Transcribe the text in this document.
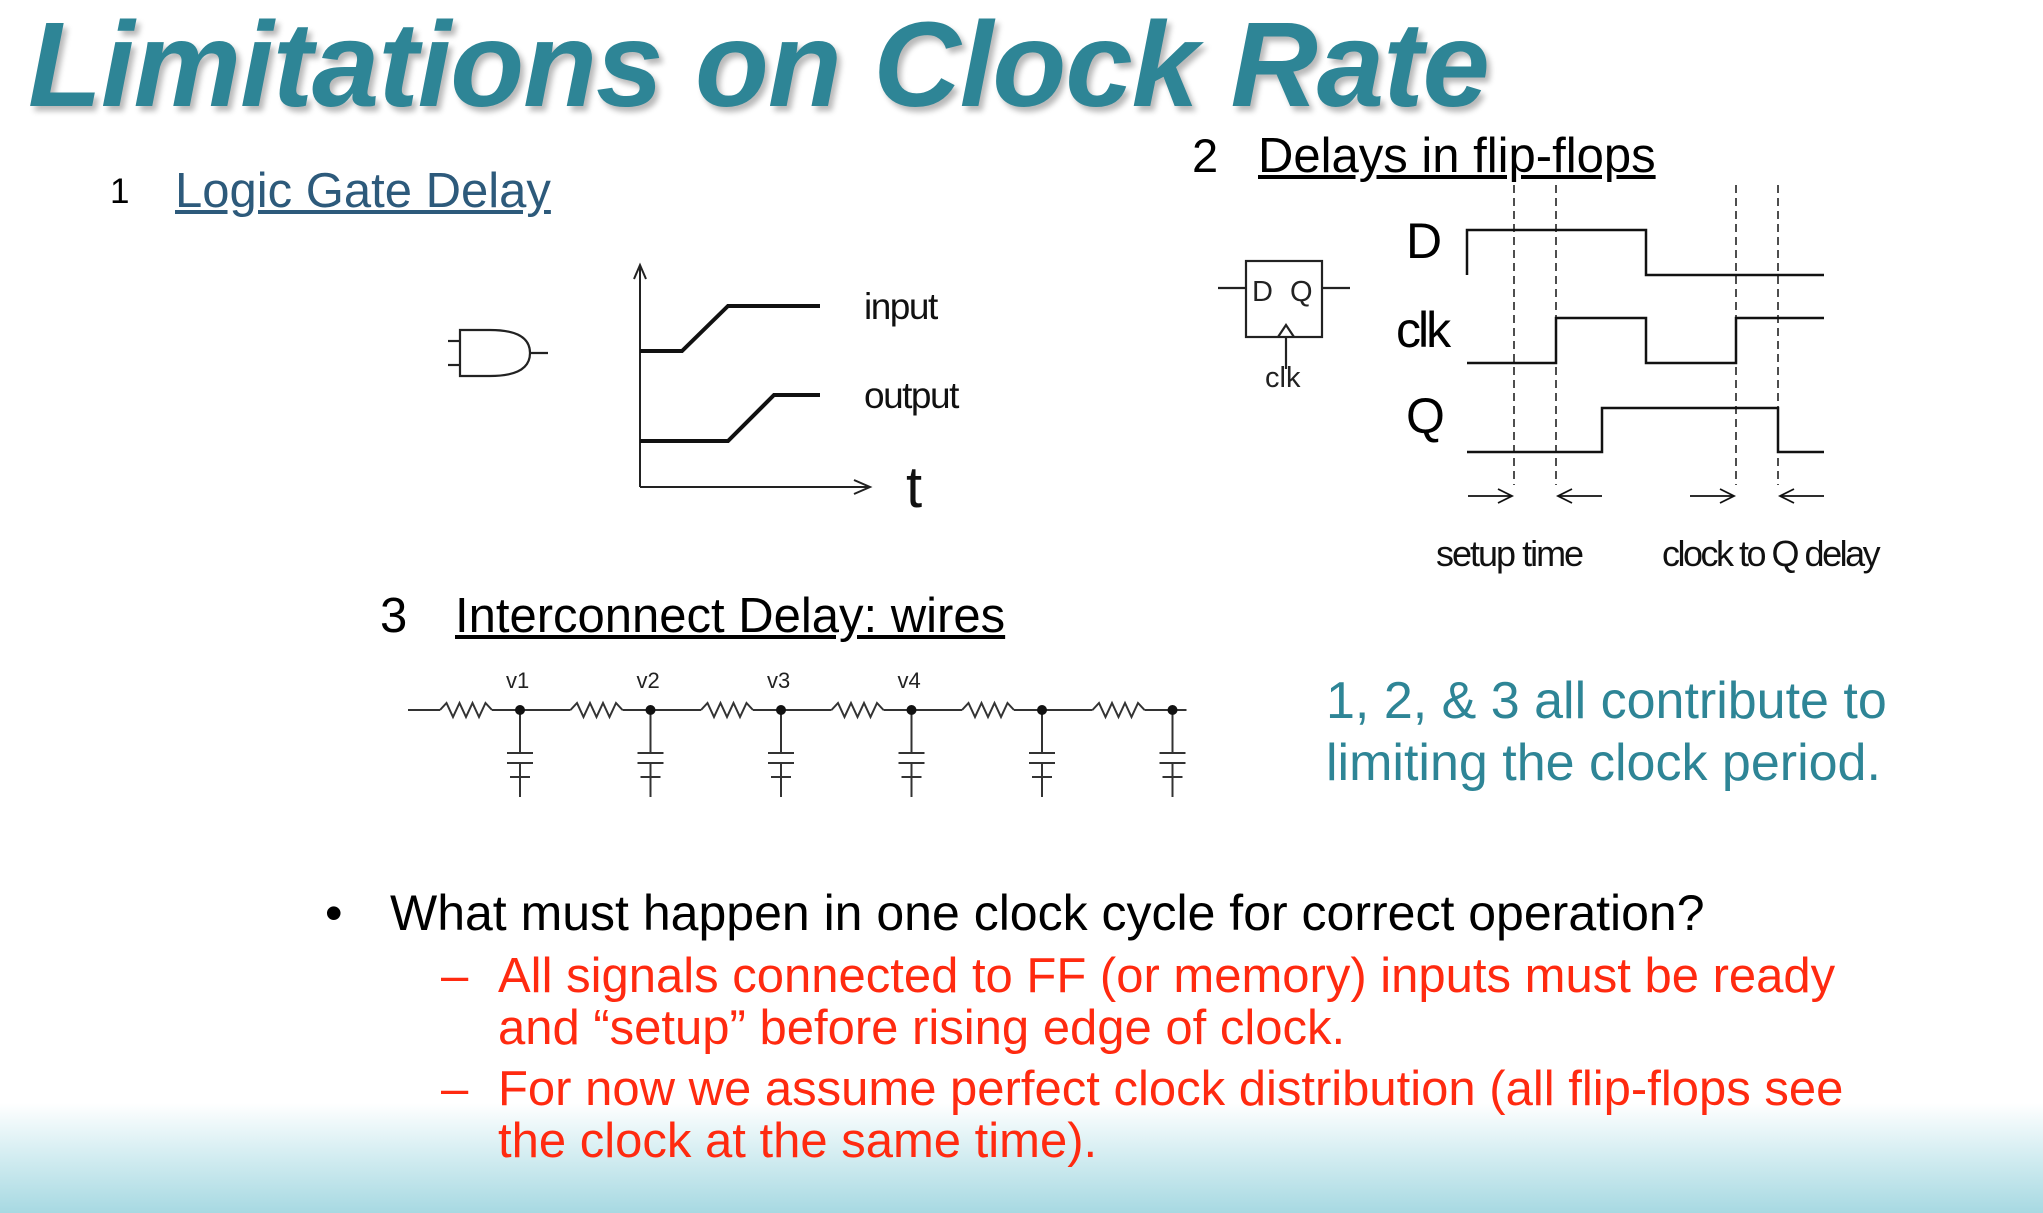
Limitations on Clock Rate
1 Logic Gate Delay
input
output
t
2 Delays in flip-flops
D Q
clk
D
clk
Q
setup time clock to Q delay
3 Interconnect Delay: wires
v1	v2	v3	v4	1, 2, & 3 all contribute to
limiting the clock period.
• What must happen in one clock cycle for correct operation?
– All signals connected to FF (or memory) inputs must be ready
and “setup” before rising edge of clock.
– For now we assume perfect clock distribution (all flip-flops see
the clock at the same time).
